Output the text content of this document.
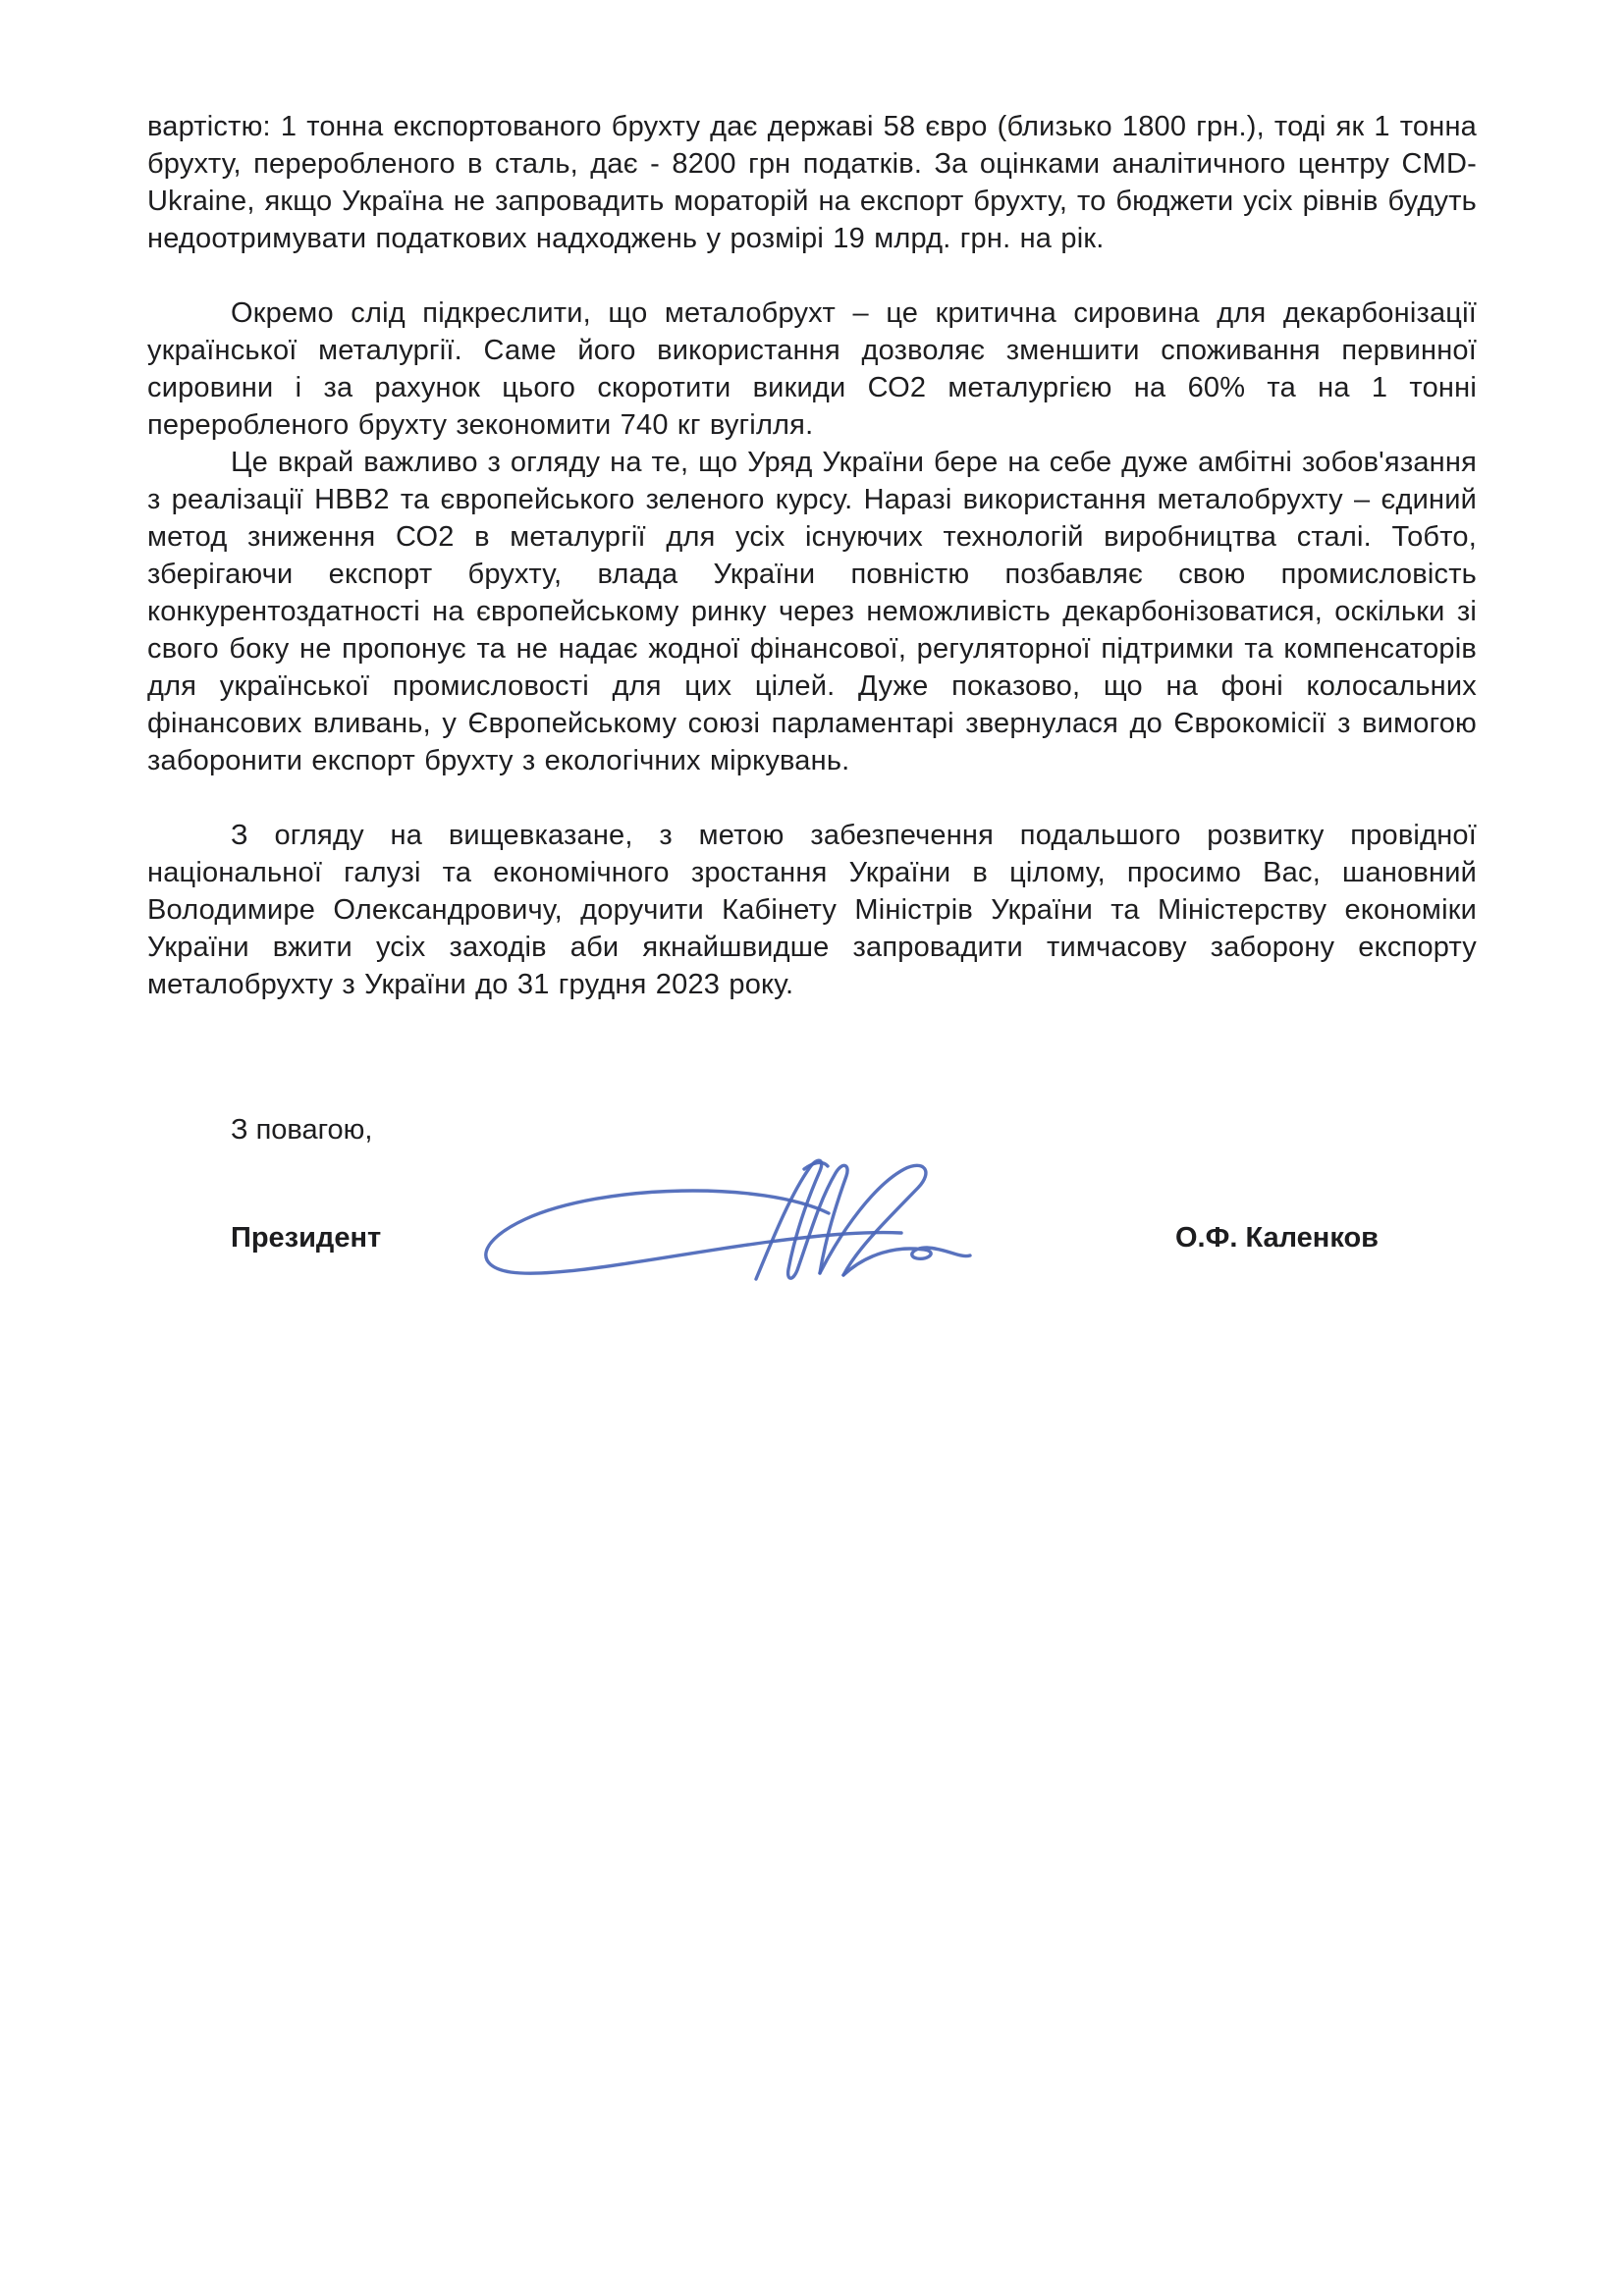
вартістю: 1 тонна експортованого брухту дає державі 58 євро (близько 1800 грн.), тоді як 1 тонна брухту, переробленого в сталь, дає - 8200 грн податків. За оцінками аналітичного центру CMD-Ukraine, якщо Україна не запровадить мораторій на експорт брухту, то бюджети усіх рівнів будуть недоотримувати податкових надходжень у розмірі 19 млрд. грн. на рік.

Окремо слід підкреслити, що металобрухт – це критична сировина для декарбонізації української металургії. Саме його використання дозволяє зменшити споживання первинної сировини і за рахунок цього скоротити викиди СО2 металургією на 60% та на 1 тонні переробленого брухту зекономити 740 кг вугілля.

Це вкрай важливо з огляду на те, що Уряд України бере на себе дуже амбітні зобов'язання з реалізації НВВ2 та європейського зеленого курсу. Наразі використання металобрухту – єдиний метод зниження СО2 в металургії для усіх існуючих технологій виробництва сталі. Тобто, зберігаючи експорт брухту, влада України повністю позбавляє свою промисловість конкурентоздатності на європейському ринку через неможливість декарбонізоватися, оскільки зі свого боку не пропонує та не надає жодної фінансової, регуляторної підтримки та компенсаторів для української промисловості для цих цілей. Дуже показово, що на фоні колосальних фінансових вливань, у Європейському союзі парламентарі звернулася до Єврокомісії з вимогою заборонити експорт брухту з екологічних міркувань.

З огляду на вищевказане, з метою забезпечення подальшого розвитку провідної національної галузі та економічного зростання України в цілому, просимо Вас, шановний Володимире Олександровичу, доручити Кабінету Міністрів України та Міністерству економіки України вжити усіх заходів аби якнайшвидше запровадити тимчасову заборону експорту металобрухту з України до 31 грудня 2023 року.

З повагою,

Президент	О.Ф. Каленков
